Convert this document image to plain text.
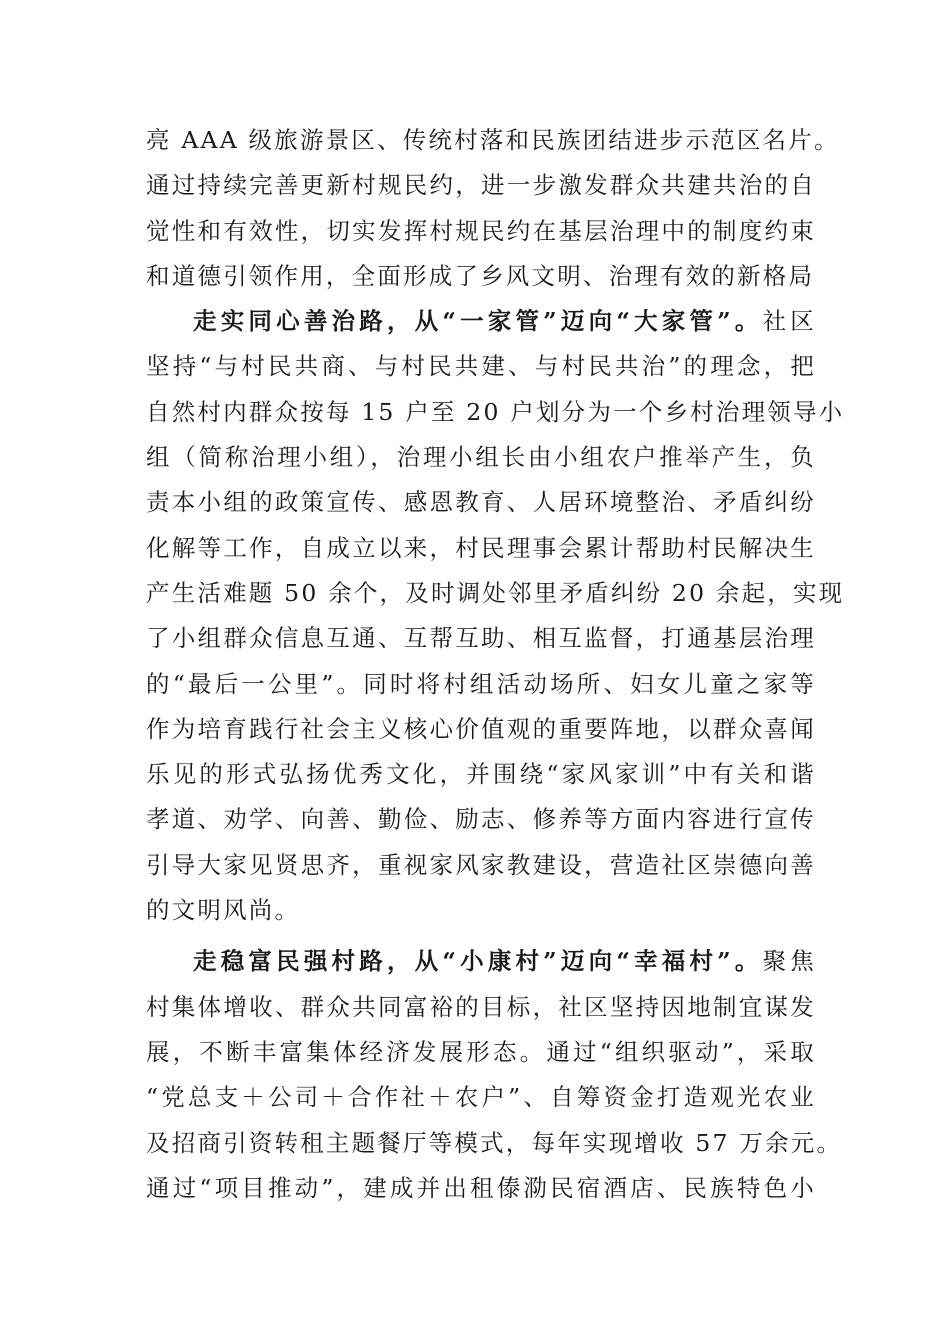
亮 AAA 级旅游景区、传统村落和民族团结进步示范区名片。
通过持续完善更新村规民约，进一步激发群众共建共治的自
觉性和有效性，切实发挥村规民约在基层治理中的制度约束
和道德引领作用，全面形成了乡风文明、治理有效的新格局
走实同心善治路，从“一家管”迈向“大家管”。社区
坚持“与村民共商、与村民共建、与村民共治”的理念，把
自然村内群众按每 15 户至 20 户划分为一个乡村治理领导小
组（简称治理小组），治理小组长由小组农户推举产生，负
责本小组的政策宣传、感恩教育、人居环境整治、矛盾纠纷
化解等工作，自成立以来，村民理事会累计帮助村民解决生
产生活难题 50 余个，及时调处邻里矛盾纠纷 20 余起，实现
了小组群众信息互通、互帮互助、相互监督，打通基层治理
的“最后一公里”。同时将村组活动场所、妇女儿童之家等
作为培育践行社会主义核心价值观的重要阵地，以群众喜闻
乐见的形式弘扬优秀文化，并围绕“家风家训”中有关和谐
孝道、劝学、向善、勤俭、励志、修养等方面内容进行宣传
引导大家见贤思齐，重视家风家教建设，营造社区崇德向善
的文明风尚。
走稳富民强村路，从“小康村”迈向“幸福村”。聚焦
村集体增收、群众共同富裕的目标，社区坚持因地制宜谋发
展，不断丰富集体经济发展形态。通过“组织驱动”，采取
“党总支＋公司＋合作社＋农户”、自筹资金打造观光农业
及招商引资转租主题餐厅等模式，每年实现增收 57 万余元。
通过“项目推动”，建成并出租傣泐民宿酒店、民族特色小
